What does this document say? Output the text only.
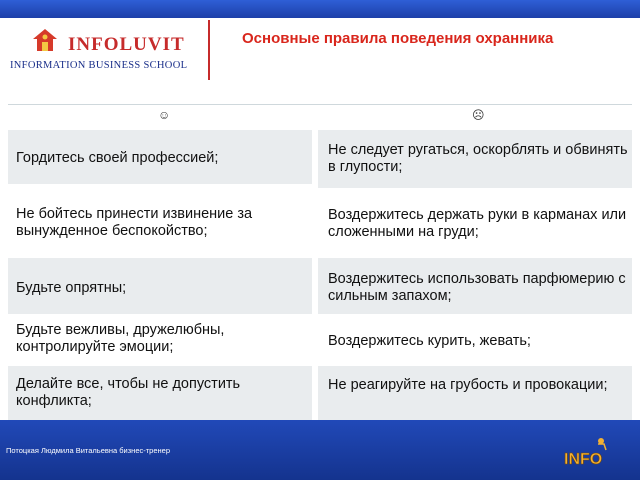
INFOLUVIT
INFORMATION BUSINESS SCHOOL
Основные правила поведения охранника
☺	☹
Гордитесь своей профессией;
Не бойтесь принести извинение за вынужденное беспокойство;
Будьте опрятны;
Будьте вежливы, дружелюбны, контролируйте эмоции;
Делайте все, чтобы не допустить конфликта;
Не следует ругаться, оскорблять и обвинять в глупости;
Воздержитесь держать руки в карманах или сложенными на груди;
Воздержитесь использовать парфюмерию с сильным запахом;
Воздержитесь курить, жевать;
Не реагируйте на грубость и провокации;
Потоцкая Людмила Витальевна бизнес-тренер
INFO
